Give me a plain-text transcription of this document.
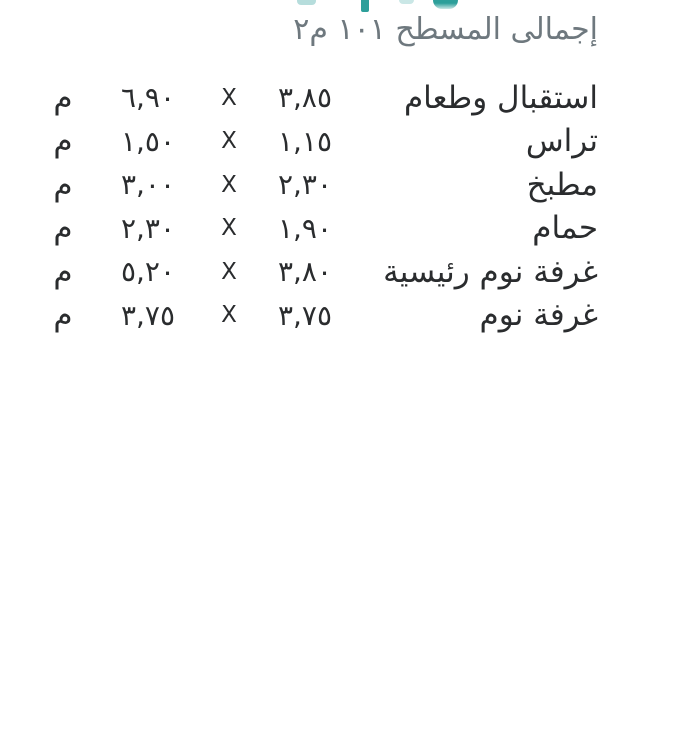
إجمالى المسطح ١٠١ م٢
استقبال وطعام
٣,٨٥
X
٦,٩٠
م
تراس
١,١٥
X
١,٥٠
م
مطبخ
٢,٣٠
X
٣,٠٠
م
حمام
١,٩٠
X
٢,٣٠
م
غرفة نوم رئيسية
٣,٨٠
X
٥,٢٠
م
غرفة نوم
٣,٧٥
X
٣,٧٥
م
